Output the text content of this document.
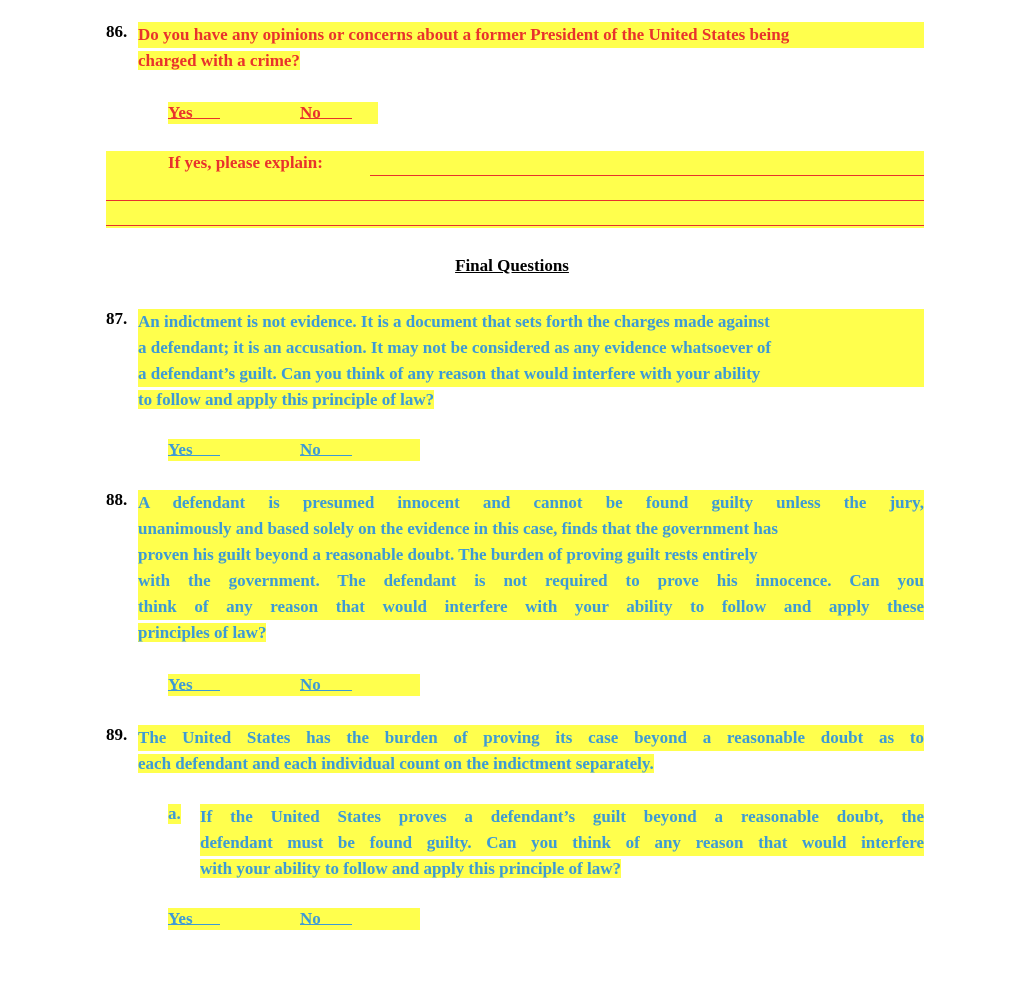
86. Do you have any opinions or concerns about a former President of the United States being
charged with a crime?
Yes	No
If yes, please explain:
Final Questions
87. An indictment is not evidence. It is a document that sets forth the charges made against
a defendant; it is an accusation. It may not be considered as any evidence whatsoever of
a defendant’s guilt. Can you think of any reason that would interfere with your ability
to follow and apply this principle of law?
Yes	No
88. A defendant is presumed innocent and cannot be found guilty unless the jury,
unanimously and based solely on the evidence in this case, finds that the government has
proven his guilt beyond a reasonable doubt. The burden of proving guilt rests entirely
with the government. The defendant is not required to prove his innocence. Can you
think of any reason that would interfere with your ability to follow and apply these
principles of law?
Yes	No
89. The United States has the burden of proving its case beyond a reasonable doubt as to
each defendant and each individual count on the indictment separately.
a. If the United States proves a defendant’s guilt beyond a reasonable doubt, the
defendant must be found guilty. Can you think of any reason that would interfere
with your ability to follow and apply this principle of law?
Yes	No
